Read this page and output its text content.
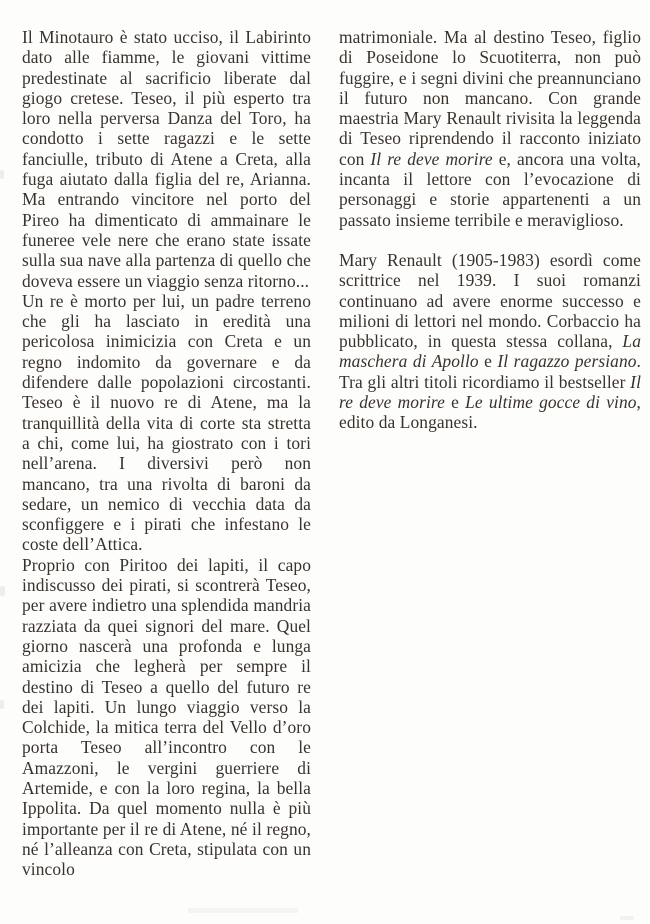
Il Minotauro è stato ucciso, il Labirinto dato alle fiamme, le giovani vittime predestinate al sacrificio liberate dal giogo cretese. Teseo, il più esperto tra loro nella perversa Danza del Toro, ha condotto i sette ragazzi e le sette fanciulle, tributo di Atene a Creta, alla fuga aiutato dalla figlia del re, Arianna. Ma entrando vincitore nel porto del Pireo ha dimenticato di ammainare le funeree vele nere che erano state issate sulla sua nave alla partenza di quello che doveva essere un viaggio senza ritorno...

Un re è morto per lui, un padre terreno che gli ha lasciato in eredità una pericolosa inimicizia con Creta e un regno indomito da governare e da difendere dalle popolazioni circostanti. Teseo è il nuovo re di Atene, ma la tranquillità della vita di corte sta stretta a chi, come lui, ha giostrato con i tori nell’arena. I diversivi però non mancano, tra una rivolta di baroni da sedare, un nemico di vecchia data da sconfiggere e i pirati che infestano le coste dell’Attica.

Proprio con Piritoo dei lapiti, il capo indiscusso dei pirati, si scontrerà Teseo, per avere indietro una splendida mandria razziata da quei signori del mare. Quel giorno nascerà una profonda e lunga amicizia che legherà per sempre il destino di Teseo a quello del futuro re dei lapiti. Un lungo viaggio verso la Colchide, la mitica terra del Vello d’oro porta Teseo all’incontro con le Amazzoni, le vergini guerriere di Artemide, e con la loro regina, la bella Ippolita. Da quel momento nulla è più importante per il re di Atene, né il regno, né l’alleanza con Creta, stipulata con un vincolo

matrimoniale. Ma al destino Teseo, figlio di Poseidone lo Scuotiterra, non può fuggire, e i segni divini che preannunciano il futuro non mancano. Con grande maestria Mary Renault rivisita la leggenda di Teseo riprendendo il racconto iniziato con Il re deve morire e, ancora una volta, incanta il lettore con l’evocazione di personaggi e storie appartenenti a un passato insieme terribile e meraviglioso.

Mary Renault (1905-1983) esordì come scrittrice nel 1939. I suoi romanzi continuano ad avere enorme successo e milioni di lettori nel mondo. Corbaccio ha pubblicato, in questa stessa collana, La maschera di Apollo e Il ragazzo persiano. Tra gli altri titoli ricordiamo il bestseller Il re deve morire e Le ultime gocce di vino, edito da Longanesi.
